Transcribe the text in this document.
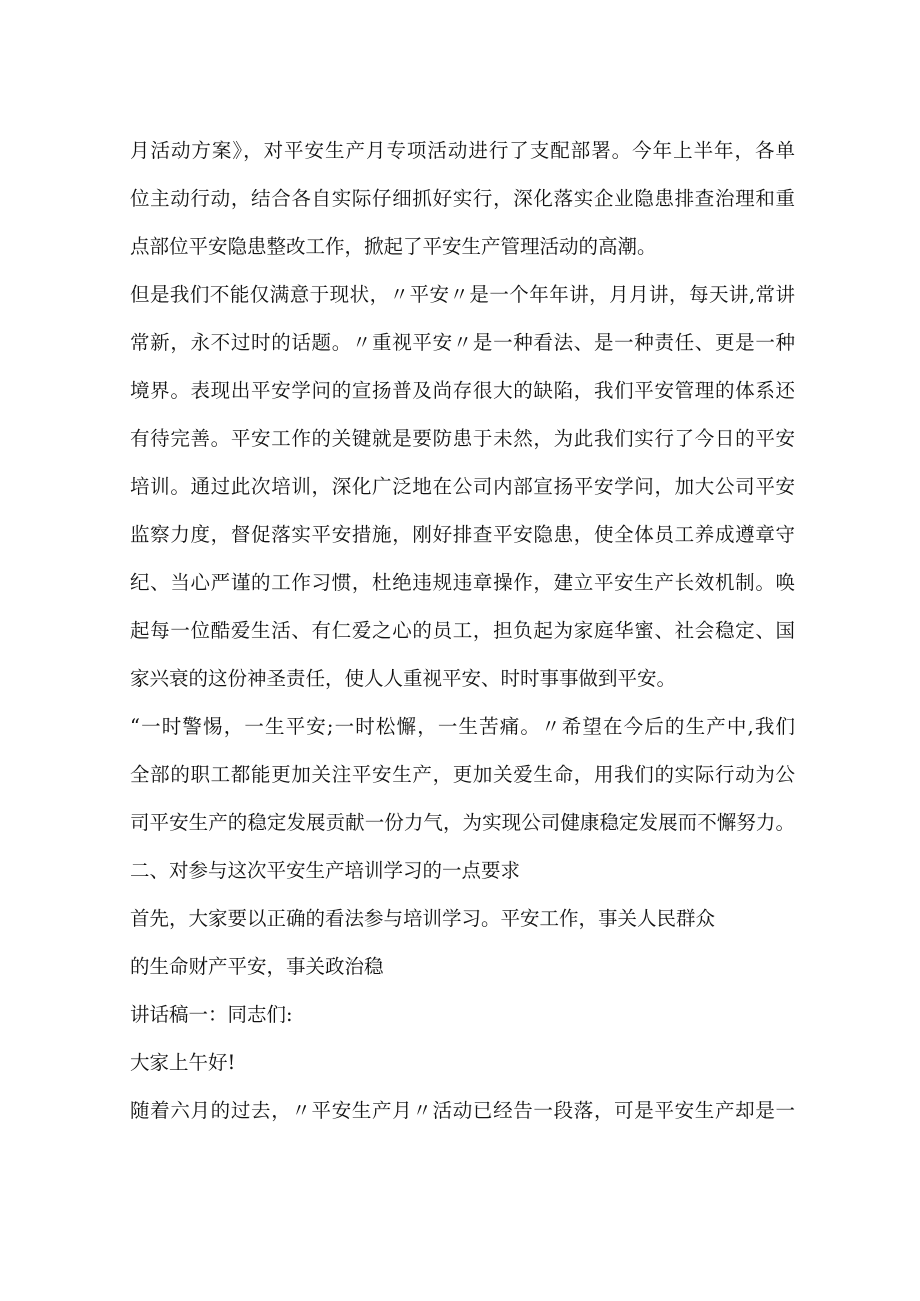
月活动方案》，对平安生产月专项活动进行了支配部署。今年上半年，各单
位主动行动，结合各自实际仔细抓好实行，深化落实企业隐患排查治理和重
点部位平安隐患整改工作，掀起了平安生产管理活动的高潮。
但是我们不能仅满意于现状，〃平安〃是一个年年讲，月月讲，每天讲,常讲
常新，永不过时的话题。〃重视平安〃是一种看法、是一种责任、更是一种
境界。表现出平安学问的宣扬普及尚存很大的缺陷，我们平安管理的体系还
有待完善。平安工作的关键就是要防患于未然，为此我们实行了今日的平安
培训。通过此次培训，深化广泛地在公司内部宣扬平安学问，加大公司平安
监察力度，督促落实平安措施，刚好排查平安隐患，使全体员工养成遵章守
纪、当心严谨的工作习惯，杜绝违规违章操作，建立平安生产长效机制。唤
起每一位酷爱生活、有仁爱之心的员工，担负起为家庭华蜜、社会稳定、国
家兴衰的这份神圣责任，使人人重视平安、时时事事做到平安。
“一时警惕，一生平安;一时松懈，一生苦痛。〃希望在今后的生产中,我们
全部的职工都能更加关注平安生产，更加关爱生命，用我们的实际行动为公
司平安生产的稳定发展贡献一份力气，为实现公司健康稳定发展而不懈努力。
二、对参与这次平安生产培训学习的一点要求
首先，大家要以正确的看法参与培训学习。平安工作，事关人民群众
的生命财产平安，事关政治稳
讲话稿一：同志们:
大家上午好!
随着六月的过去，〃平安生产月〃活动已经告一段落，可是平安生产却是一
